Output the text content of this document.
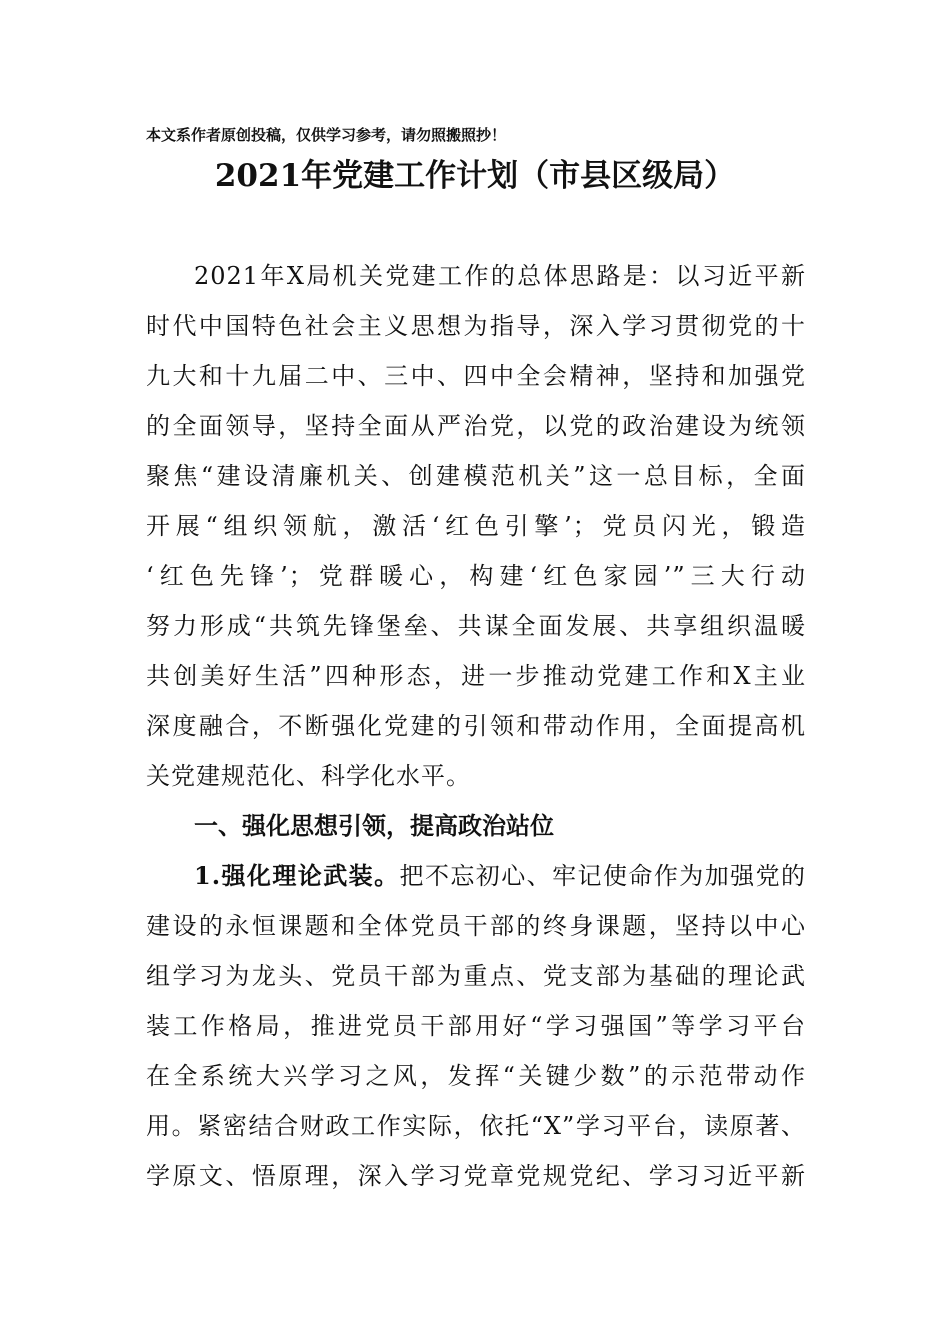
本文系作者原创投稿，仅供学习参考，请勿照搬照抄！
2021年党建工作计划（市县区级局）
2021年X局机关党建工作的总体思路是：以习近平新
时代中国特色社会主义思想为指导，深入学习贯彻党的十
九大和十九届二中、三中、四中全会精神，坚持和加强党
的全面领导，坚持全面从严治党，以党的政治建设为统领
聚焦“建设清廉机关、创建模范机关”这一总目标，全面
开展“组织领航，激活‘红色引擎’；党员闪光，锻造
‘红色先锋’；党群暖心，构建‘红色家园’”三大行动
努力形成“共筑先锋堡垒、共谋全面发展、共享组织温暖
共创美好生活”四种形态，进一步推动党建工作和X主业
深度融合，不断强化党建的引领和带动作用，全面提高机
关党建规范化、科学化水平。
一、强化思想引领，提高政治站位
1.强化理论武装。把不忘初心、牢记使命作为加强党的
建设的永恒课题和全体党员干部的终身课题，坚持以中心
组学习为龙头、党员干部为重点、党支部为基础的理论武
装工作格局，推进党员干部用好“学习强国”等学习平台
在全系统大兴学习之风，发挥“关键少数”的示范带动作
用。紧密结合财政工作实际，依托“X”学习平台，读原著、
学原文、悟原理，深入学习党章党规党纪、学习习近平新
